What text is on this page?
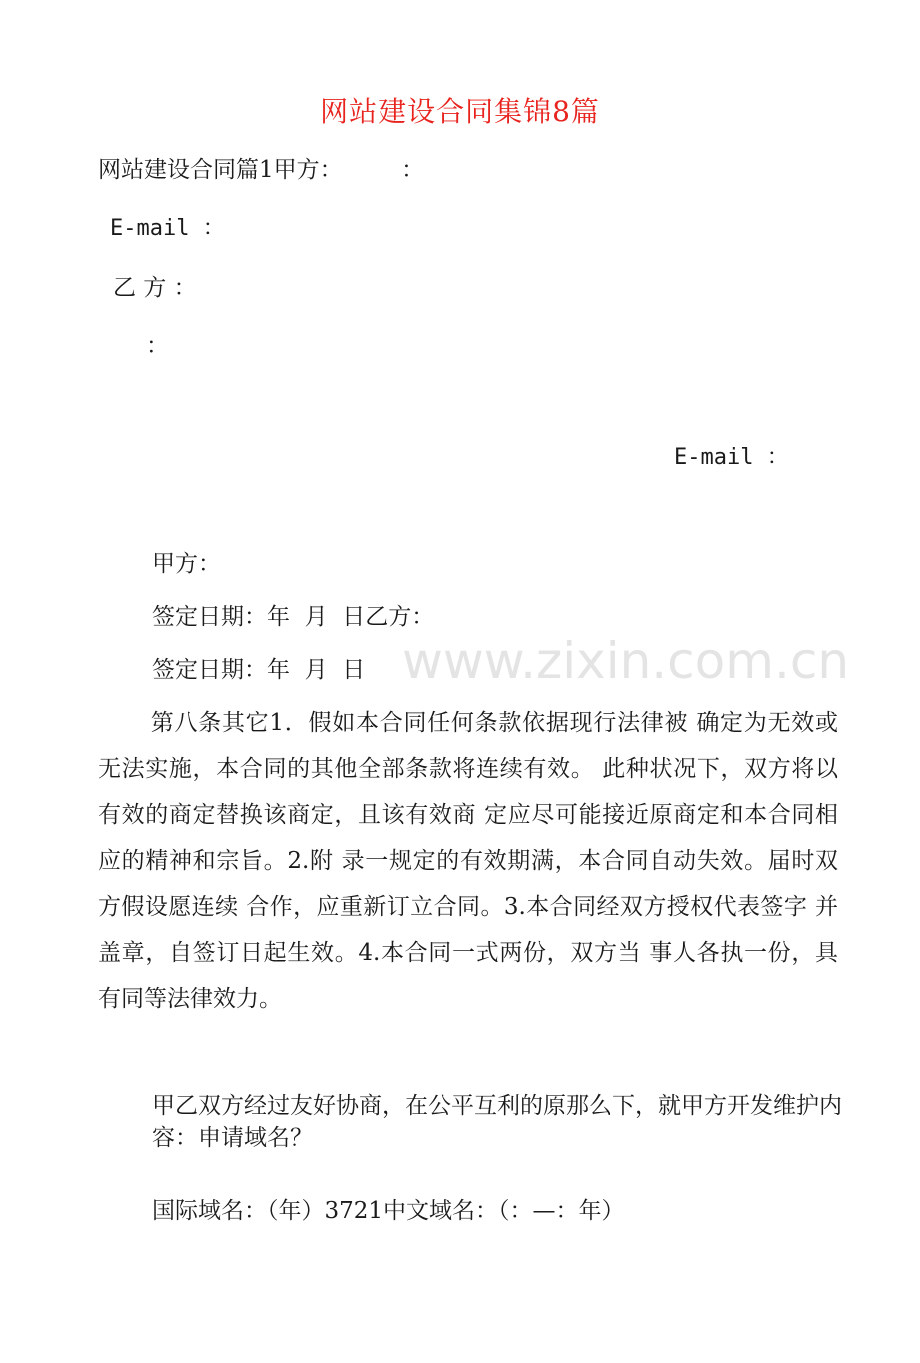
网站建设合同集锦8篇
网站建设合同篇1甲方：        ：
E-mail ：
乙 方 ：
：
E-mail ：
甲方：
签定日期：年  月  日乙方：
签定日期：年  月  日
第八条其它1．假如本合同任何条款依据现行法律被 确定为无效或无法实施，本合同的其他全部条款将连续有效。 此种状况下，双方将以有效的商定替换该商定，且该有效商 定应尽可能接近原商定和本合同相应的精神和宗旨。2.附 录一规定的有效期满，本合同自动失效。届时双方假设愿连续 合作，应重新订立合同。3.本合同经双方授权代表签字 并盖章，自签订日起生效。4.本合同一式两份，双方当 事人各执一份，具有同等法律效力。
甲乙双方经过友好协商，在公平互利的原那么下，就甲方开发维护内容：申请域名？
国际域名：（年）3721中文域名：（：—：年）
www.zixin.com.cn
